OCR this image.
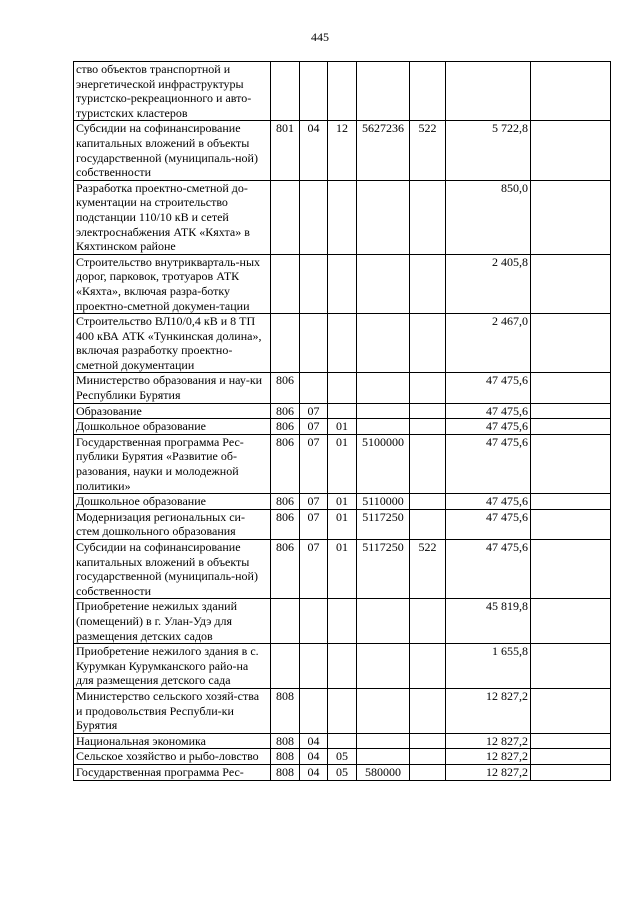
445
ство объектов транспортной и энергетической инфраструктуры туристско-рекреационного и авто-туристских кластеров							
Субсидии на софинансирование капитальных вложений в объекты государственной (муниципаль-ной) собственности	801	04	12	5627236	522	5 722,8	
Разработка проектно-сметной до-кументации на строительство подстанции 110/10 кВ и сетей электроснабжения АТК «Кяхта» в Кяхтинском районе						850,0	
Строительство внутрикварталь-ных дорог, парковок, тротуаров АТК «Кяхта», включая разра-ботку проектно-сметной докумен-тации						2 405,8	
Строительство ВЛ10/0,4 кВ и 8 ТП 400 кВА АТК «Тункинская долина», включая разработку проектно-сметной документации						2 467,0	
Министерство образования и нау-ки Республики Бурятия	806					47 475,6	
Образование	806	07				47 475,6	
Дошкольное образование	806	07	01			47 475,6	
Государственная программа Рес-публики Бурятия «Развитие об-разования, науки и молодежной политики»	806	07	01	5100000		47 475,6	
Дошкольное образование	806	07	01	5110000		47 475,6	
Модернизация региональных си-стем дошкольного образования	806	07	01	5117250		47 475,6	
Субсидии на софинансирование капитальных вложений в объекты государственной (муниципаль-ной) собственности	806	07	01	5117250	522	47 475,6	
Приобретение нежилых зданий (помещений) в г. Улан-Удэ для размещения детских садов						45 819,8	
Приобретение нежилого здания в с. Курумкан Курумканского райо-на для размещения детского сада						1 655,8	
Министерство сельского хозяй-ства и продовольствия Республи-ки Бурятия	808					12 827,2	
Национальная экономика	808	04				12 827,2	
Сельское хозяйство и рыбо-ловство	808	04	05			12 827,2	
Государственная программа Рес-	808	04	05	580000		12 827,2	
